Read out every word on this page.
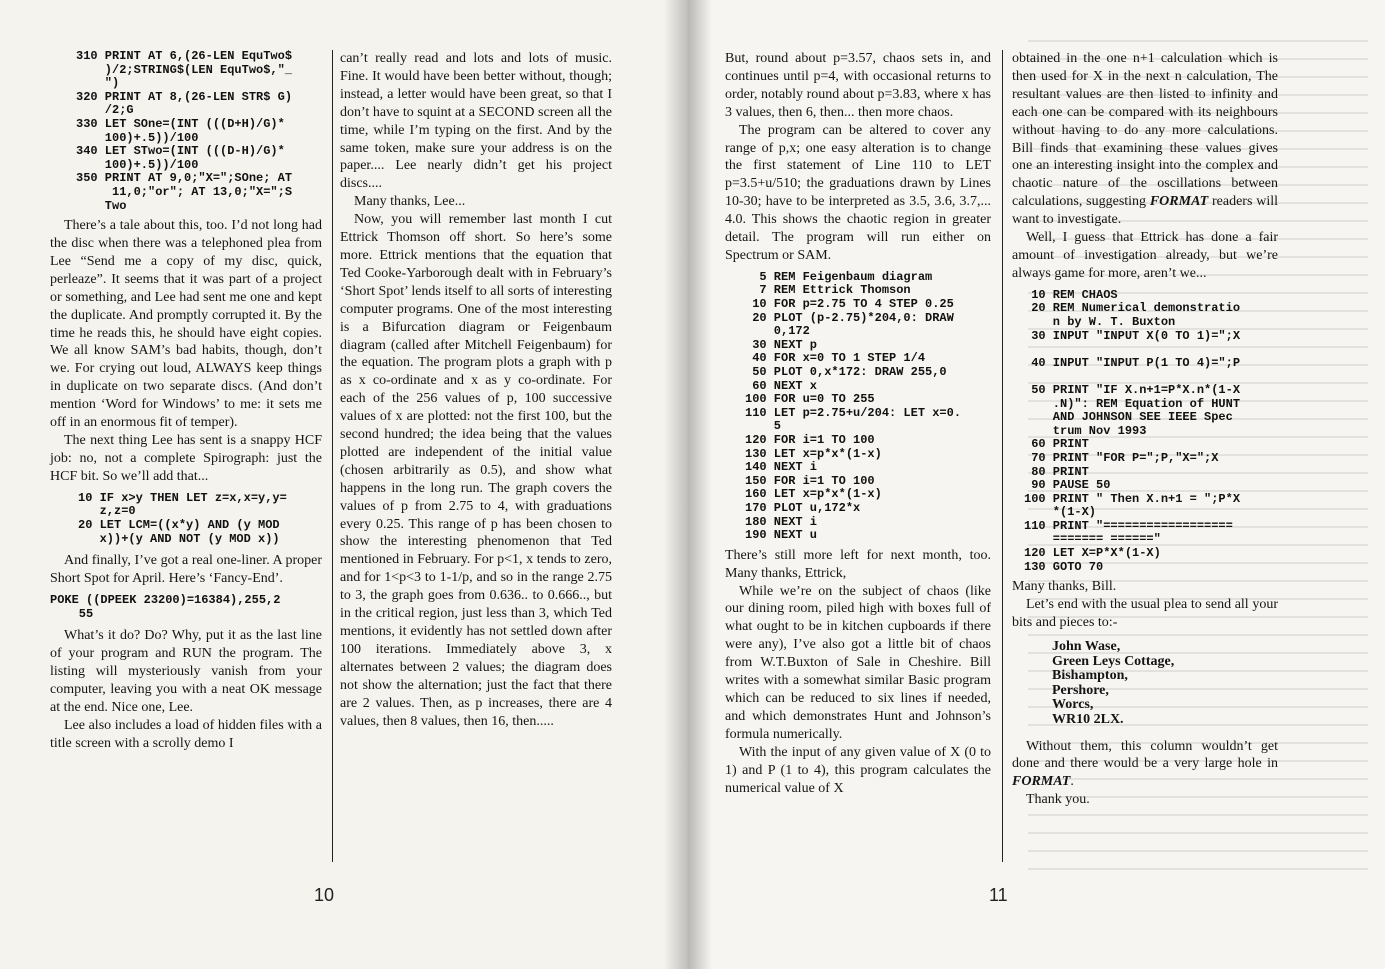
310 PRINT AT 6,(26-LEN EquTwo$
)/2;STRING$(LEN EquTwo$,"_
")
320 PRINT AT 8,(26-LEN STR$ G)
/2;G
330 LET SOne=(INT (((D+H)/G)*
100)+.5))/100
340 LET STwo=(INT (((D-H)/G)*
100)+.5))/100
350 PRINT AT 9,0;"X=";SOne; AT
11,0;"or"; AT 13,0;"X=";S
Two

There’s a tale about this, too. I’d not long had the disc when there was a telephoned plea from Lee “Send me a copy of my disc, quick, perleaze”. It seems that it was part of a project or something, and Lee had sent me one and kept the duplicate. And promptly corrupted it. By the time he reads this, he should have eight copies. We all know SAM’s bad habits, though, don’t we. For crying out loud, ALWAYS keep things in duplicate on two separate discs. (And don’t mention ‘Word for Windows’ to me: it sets me off in an enormous fit of temper).

The next thing Lee has sent is a snappy HCF job: no, not a complete Spirograph: just the HCF bit. So we’ll add that...

10 IF x>y THEN LET z=x,x=y,y=
z,z=0
20 LET LCM=((x*y) AND (y MOD
x))+(y AND NOT (y MOD x))

And finally, I’ve got a real one-liner. A proper Short Spot for April. Here’s ‘Fancy-End’.

POKE ((DPEEK 23200)=16384),255,2
55

What’s it do? Do? Why, put it as the last line of your program and RUN the program. The listing will mysteriously vanish from your computer, leaving you with a neat OK message at the end. Nice one, Lee.

Lee also includes a load of hidden files with a title screen with a scrolly demo I

can’t really read and lots and lots of music. Fine. It would have been better without, though; instead, a letter would have been great, so that I don’t have to squint at a SECOND screen all the time, while I’m typing on the first. And by the same token, make sure your address is on the paper.... Lee nearly didn’t get his project discs....

Many thanks, Lee...

Now, you will remember last month I cut Ettrick Thomson off short. So here’s some more. Ettrick mentions that the equation that Ted Cooke-Yarborough dealt with in February’s ‘Short Spot’ lends itself to all sorts of interesting computer programs. One of the most interesting is a Bifurcation diagram or Feigenbaum diagram (called after Mitchell Feigenbaum) for the equation. The program plots a graph with p as x co-ordinate and x as y co-ordinate. For each of the 256 values of p, 100 successive values of x are plotted: not the first 100, but the second hundred; the idea being that the values plotted are independent of the initial value (chosen arbitrarily as 0.5), and show what happens in the long run. The graph covers the values of p from 2.75 to 4, with graduations every 0.25. This range of p has been chosen to show the interesting phenomenon that Ted mentioned in February. For p<1, x tends to zero, and for 1<p<3 to 1-1/p, and so in the range 2.75 to 3, the graph goes from 0.636.. to 0.666.., but in the critical region, just less than 3, which Ted mentions, it evidently has not settled down after 100 iterations. Immediately above 3, x alternates between 2 values; the diagram does not show the alternation; just the fact that there are 2 values. Then, as p increases, there are 4 values, then 8 values, then 16, then.....

10

But, round about p=3.57, chaos sets in, and continues until p=4, with occasional returns to order, notably round about p=3.83, where x has 3 values, then 6, then... then more chaos.

The program can be altered to cover any range of p,x; one easy alteration is to change the first statement of Line 110 to LET p=3.5+u/510; the graduations drawn by Lines 10-30; have to be interpreted as 3.5, 3.6, 3.7,... 4.0. This shows the chaotic region in greater detail. The program will run either on Spectrum or SAM.

5 REM Feigenbaum diagram
7 REM Ettrick Thomson
10 FOR p=2.75 TO 4 STEP 0.25
20 PLOT (p-2.75)*204,0: DRAW
0,172
30 NEXT p
40 FOR x=0 TO 1 STEP 1/4
50 PLOT 0,x*172: DRAW 255,0
60 NEXT x
100 FOR u=0 TO 255
110 LET p=2.75+u/204: LET x=0.
5
120 FOR i=1 TO 100
130 LET x=p*x*(1-x)
140 NEXT i
150 FOR i=1 TO 100
160 LET x=p*x*(1-x)
170 PLOT u,172*x
180 NEXT i
190 NEXT u

There’s still more left for next month, too. Many thanks, Ettrick,

While we’re on the subject of chaos (like our dining room, piled high with boxes full of what ought to be in kitchen cupboards if there were any), I’ve also got a little bit of chaos from W.T.Buxton of Sale in Cheshire. Bill writes with a somewhat similar Basic program which can be reduced to six lines if needed, and which demonstrates Hunt and Johnson’s formula numerically.

With the input of any given value of X (0 to 1) and P (1 to 4), this program calculates the numerical value of X

obtained in the one n+1 calculation which is then used for X in the next n calculation, The resultant values are then listed to infinity and each one can be compared with its neighbours without having to do any more calculations. Bill finds that examining these values gives one an interesting insight into the complex and chaotic nature of the oscillations between calculations, suggesting FORMAT readers will want to investigate.

Well, I guess that Ettrick has done a fair amount of investigation already, but we’re always game for more, aren’t we...

10 REM CHAOS
20 REM Numerical demonstratio
n by W. T. Buxton
30 INPUT "INPUT X(0 TO 1)=";X

40 INPUT "INPUT P(1 TO 4)=";P

50 PRINT "IF X.n+1=P*X.n*(1-X
.N)": REM Equation of HUNT
AND JOHNSON SEE IEEE Spec
trum Nov 1993
60 PRINT
70 PRINT "FOR P=";P,"X=";X
80 PRINT
90 PAUSE 50
100 PRINT " Then X.n+1 = ";P*X
*(1-X)
110 PRINT "==================
======= ======"
120 LET X=P*X*(1-X)
130 GOTO 70

Many thanks, Bill.

Let’s end with the usual plea to send all your bits and pieces to:-

John Wase,
Green Leys Cottage,
Bishampton,
Pershore,
Worcs,
WR10 2LX.

Without them, this column wouldn’t get done and there would be a very large hole in FORMAT.

Thank you.

11
